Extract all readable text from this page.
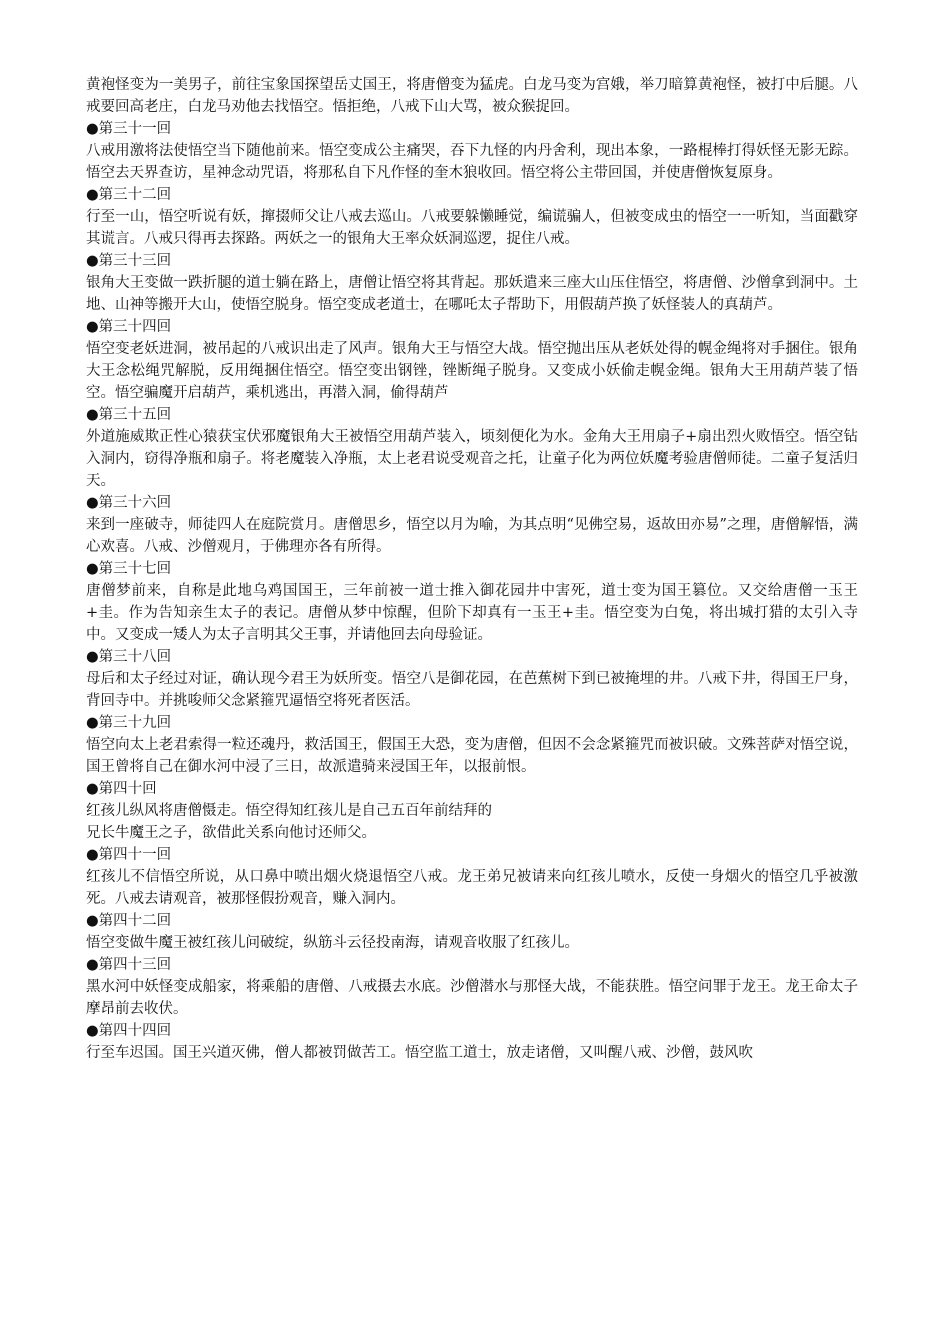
黄袍怪变为一美男子，前往宝象国探望岳丈国王，将唐僧变为猛虎。白龙马变为宫娥，举刀暗算黄袍怪，被打中后腿。八戒要回高老庄，白龙马劝他去找悟空。悟拒绝，八戒下山大骂，被众猴捉回。

●第三十一回

八戒用激将法使悟空当下随他前来。悟空变成公主痛哭，吞下九怪的内丹舍利，现出本象，一路棍棒打得妖怪无影无踪。悟空去天界查访，星神念动咒语，将那私自下凡作怪的奎木狼收回。悟空将公主带回国，并使唐僧恢复原身。

●第三十二回

行至一山，悟空听说有妖，撺掇师父让八戒去巡山。八戒要躲懒睡觉，编谎骗人，但被变成虫的悟空一一听知，当面戳穿其谎言。八戒只得再去探路。两妖之一的银角大王率众妖洞巡逻，捉住八戒。

●第三十三回

银角大王变做一跌折腿的道士躺在路上，唐僧让悟空将其背起。那妖遣来三座大山压住悟空，将唐僧、沙僧拿到洞中。土地、山神等搬开大山，使悟空脱身。悟空变成老道士，在哪吒太子帮助下，用假葫芦换了妖怪装人的真葫芦。

●第三十四回

悟空变老妖进洞，被吊起的八戒识出走了风声。银角大王与悟空大战。悟空抛出压从老妖处得的幌金绳将对手捆住。银角大王念松绳咒解脱，反用绳捆住悟空。悟空变出钢锉，锉断绳子脱身。又变成小妖偷走幌金绳。银角大王用葫芦装了悟空。悟空骗魔开启葫芦，乘机逃出，再潜入洞，偷得葫芦

●第三十五回

外道施威欺正性心猿获宝伏邪魔银角大王被悟空用葫芦装入，顷刻便化为水。金角大王用扇子+扇出烈火败悟空。悟空钻入洞内，窃得净瓶和扇子。将老魔装入净瓶，太上老君说受观音之托，让童子化为两位妖魔考验唐僧师徒。二童子复活归天。

●第三十六回

来到一座破寺，师徒四人在庭院赏月。唐僧思乡，悟空以月为喻，为其点明“见佛空易，返故田亦易”之理，唐僧解悟，满心欢喜。八戒、沙僧观月，于佛理亦各有所得。

●第三十七回

唐僧梦前来，自称是此地乌鸡国国王，三年前被一道士推入御花园井中害死，道士变为国王篡位。又交给唐僧一玉王+圭。作为告知亲生太子的表记。唐僧从梦中惊醒，但阶下却真有一玉王+圭。悟空变为白兔，将出城打猎的太引入寺中。又变成一矮人为太子言明其父王事，并请他回去向母验证。

●第三十八回

母后和太子经过对证，确认现今君王为妖所变。悟空八是御花园，在芭蕉树下到已被掩埋的井。八戒下井，得国王尸身，背回寺中。并挑唆师父念紧箍咒逼悟空将死者医活。

●第三十九回

悟空向太上老君索得一粒还魂丹，救活国王，假国王大恐，变为唐僧，但因不会念紧箍咒而被识破。文殊菩萨对悟空说，国王曾将自己在御水河中浸了三日，故派遣骑来浸国王年，以报前恨。

●第四十回

红孩儿纵风将唐僧慑走。悟空得知红孩儿是自己五百年前结拜的
兄长牛魔王之子，欲借此关系向他讨还师父。

●第四十一回

红孩儿不信悟空所说，从口鼻中喷出烟火烧退悟空八戒。龙王弟兄被请来向红孩儿喷水，反使一身烟火的悟空几乎被激死。八戒去请观音，被那怪假扮观音，赚入洞内。

●第四十二回

悟空变做牛魔王被红孩儿问破绽，纵筋斗云径投南海，请观音收服了红孩儿。

●第四十三回

黑水河中妖怪变成船家，将乘船的唐僧、八戒摄去水底。沙僧潜水与那怪大战，不能获胜。悟空问罪于龙王。龙王命太子摩昂前去收伏。

●第四十四回

行至车迟国。国王兴道灭佛，僧人都被罚做苦工。悟空监工道士，放走诸僧，又叫醒八戒、沙僧，鼓风吹
